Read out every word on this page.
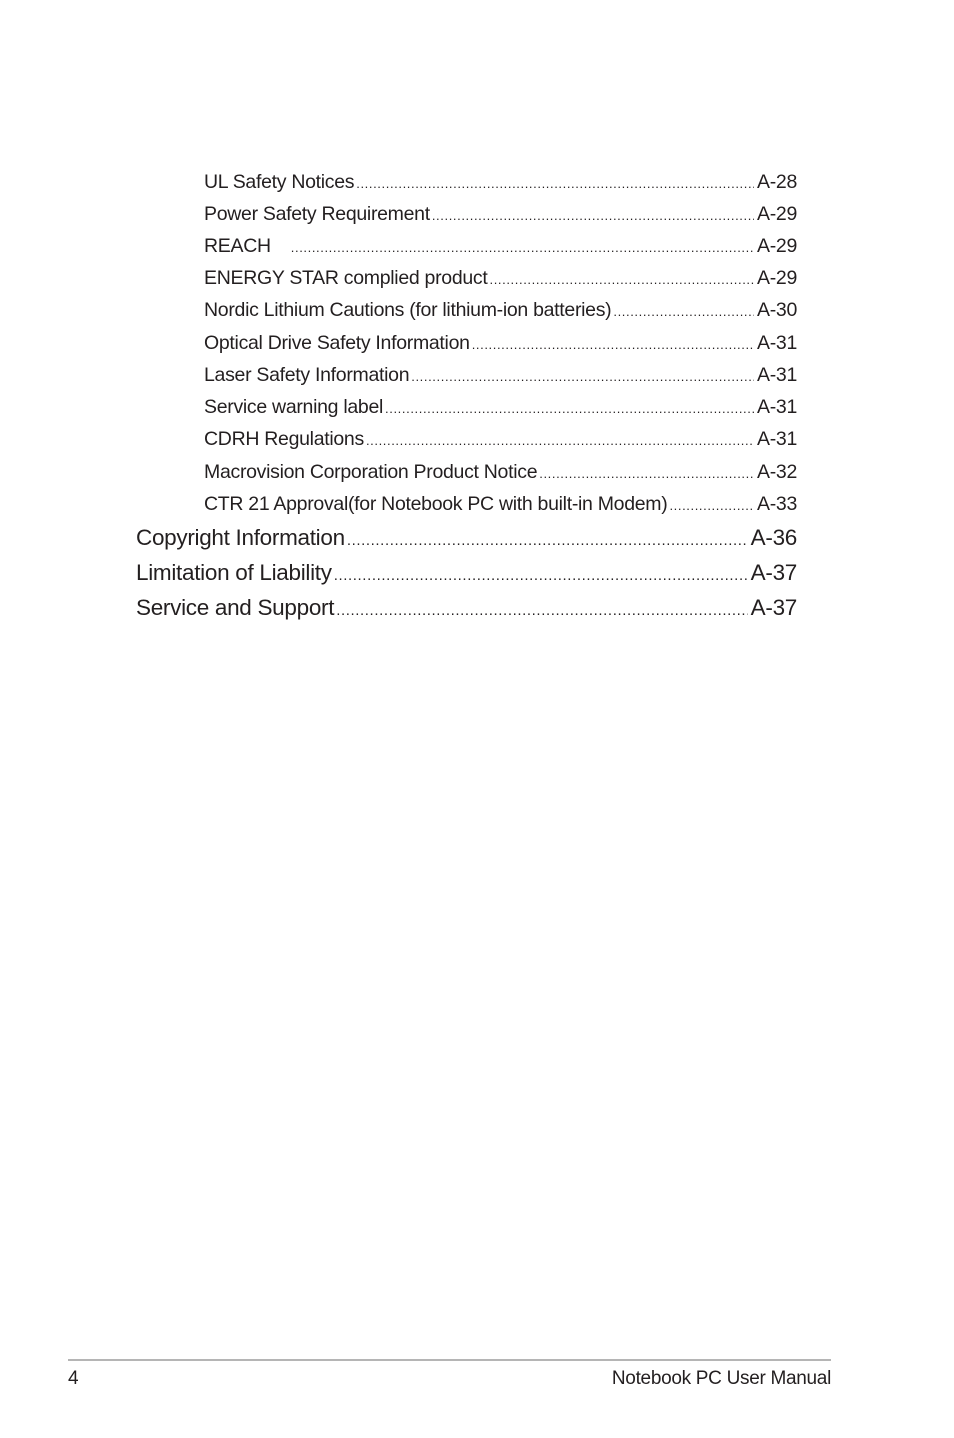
UL Safety Notices .....	A-28
Power Safety Requirement .....	A-29
REACH .....	A-29
ENERGY STAR complied product .....	A-29
Nordic Lithium Cautions (for lithium-ion batteries) .....	A-30
Optical Drive Safety Information .....	A-31
Laser Safety Information .....	A-31
Service warning label .....	A-31
CDRH Regulations .....	A-31
Macrovision Corporation Product Notice .....	A-32
CTR 21 Approval(for Notebook PC with built-in Modem) .....	A-33
Copyright Information .....	A-36
Limitation of Liability .....	A-37
Service and Support .....	A-37
4	Notebook PC User Manual
